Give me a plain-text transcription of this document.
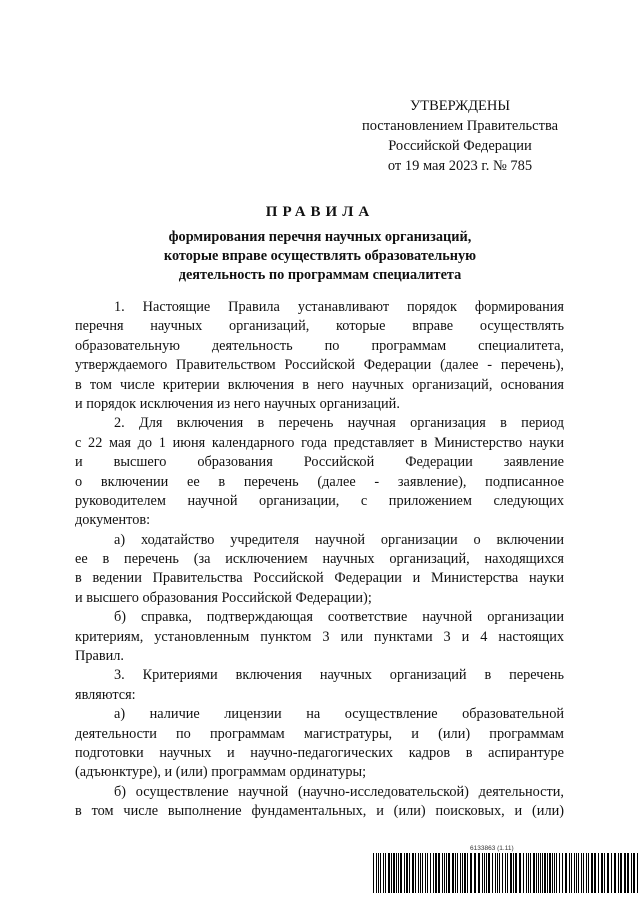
УТВЕРЖДЕНЫ
постановлением Правительства
Российской Федерации
от 19 мая 2023 г. № 785
ПРАВИЛА
формирования перечня научных организаций,
которые вправе осуществлять образовательную
деятельность по программам специалитета
1. Настоящие Правила устанавливают порядок формирования
перечня научных организаций, которые вправе осуществлять
образовательную деятельность по программам специалитета,
утверждаемого Правительством Российской Федерации (далее - перечень),
в том числе критерии включения в него научных организаций, основания
и порядок исключения из него научных организаций.
2. Для включения в перечень научная организация в период
с 22 мая до 1 июня календарного года представляет в Министерство науки
и высшего образования Российской Федерации заявление
о включении ее в перечень (далее - заявление), подписанное
руководителем научной организации, с приложением следующих
документов:
а) ходатайство учредителя научной организации о включении
ее в перечень (за исключением научных организаций, находящихся
в ведении Правительства Российской Федерации и Министерства науки
и высшего образования Российской Федерации);
б) справка, подтверждающая соответствие научной организации
критериям, установленным пунктом 3 или пунктами 3 и 4 настоящих
Правил.
3. Критериями включения научных организаций в перечень
являются:
а) наличие лицензии на осуществление образовательной
деятельности по программам магистратуры, и (или) программам
подготовки научных и научно-педагогических кадров в аспирантуре
(адъюнктуре), и (или) программам ординатуры;
б) осуществление научной (научно-исследовательской) деятельности,
в том числе выполнение фундаментальных, и (или) поисковых, и (или)
6133863 (1.11)
